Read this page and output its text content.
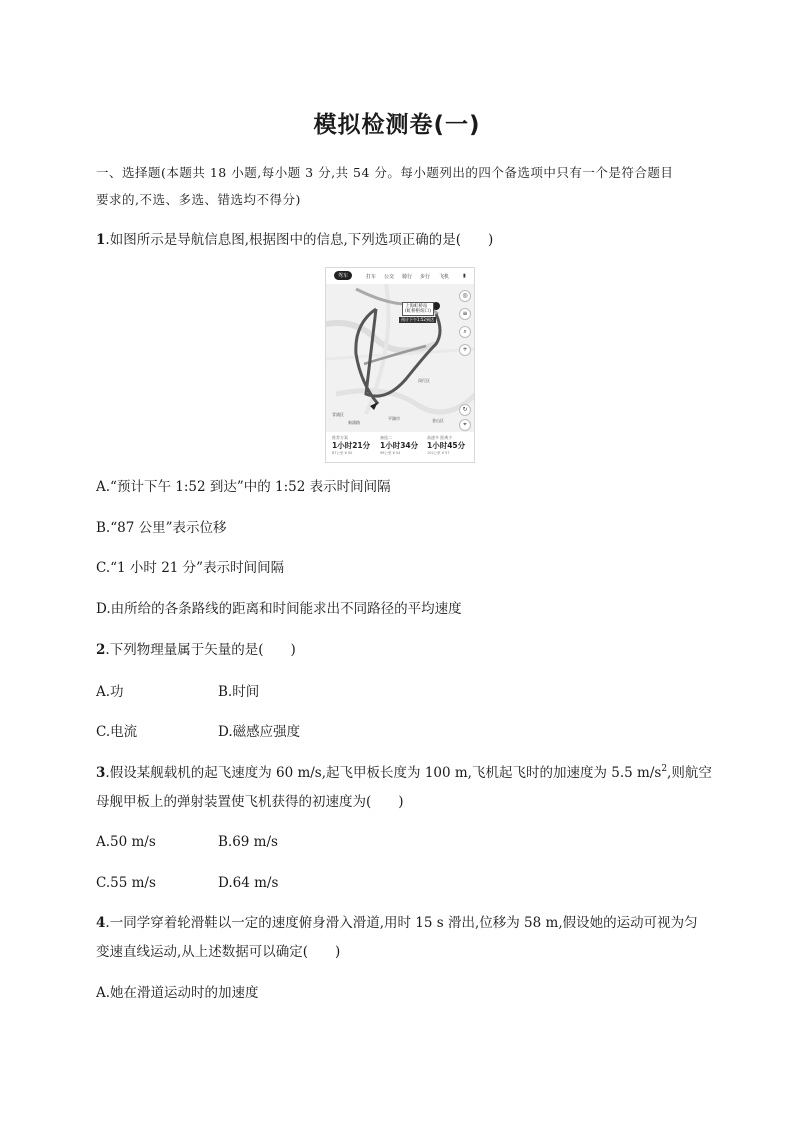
模拟检测卷(一)
一、选择题(本题共 18 小题,每小题 3 分,共 54 分。每小题列出的四个备选项中只有一个是符合题目
要求的,不选、多选、错选均不得分)
1.如图所示是导航信息图,根据图中的信息,下列选项正确的是(　　)
驾车	打车 公交 骑行 步行 飞机	▮
上海虹桥站
(虹桥枢纽口)
预计下午1:52到达
青浦区
新浦路
平湖市
闵行区
金山区
◎
≡
⌕
+
↻
⌖
推荐方案
1小时21分
87公里 ¥ 50
备选二
1小时34分
96公里 ¥ 54
高速多 距离少
1小时45分
102公里 ¥ 57
A.“预计下午 1:52 到达”中的 1:52 表示时间间隔
B.“87 公里”表示位移
C.“1 小时 21 分”表示时间间隔
D.由所给的各条路线的距离和时间能求出不同路径的平均速度
2.下列物理量属于矢量的是(　　)
A.功	B.时间
C.电流	D.磁感应强度
3.假设某舰载机的起飞速度为 60 m/s,起飞甲板长度为 100 m,飞机起飞时的加速度为 5.5 $m/s^2$,则航空
母舰甲板上的弹射装置使飞机获得的初速度为(　　)
A.50 m/s	B.69 m/s
C.55 m/s	D.64 m/s
4.一同学穿着轮滑鞋以一定的速度俯身滑入滑道,用时 15 s 滑出,位移为 58 m,假设她的运动可视为匀
变速直线运动,从上述数据可以确定(　　)
A.她在滑道运动时的加速度
